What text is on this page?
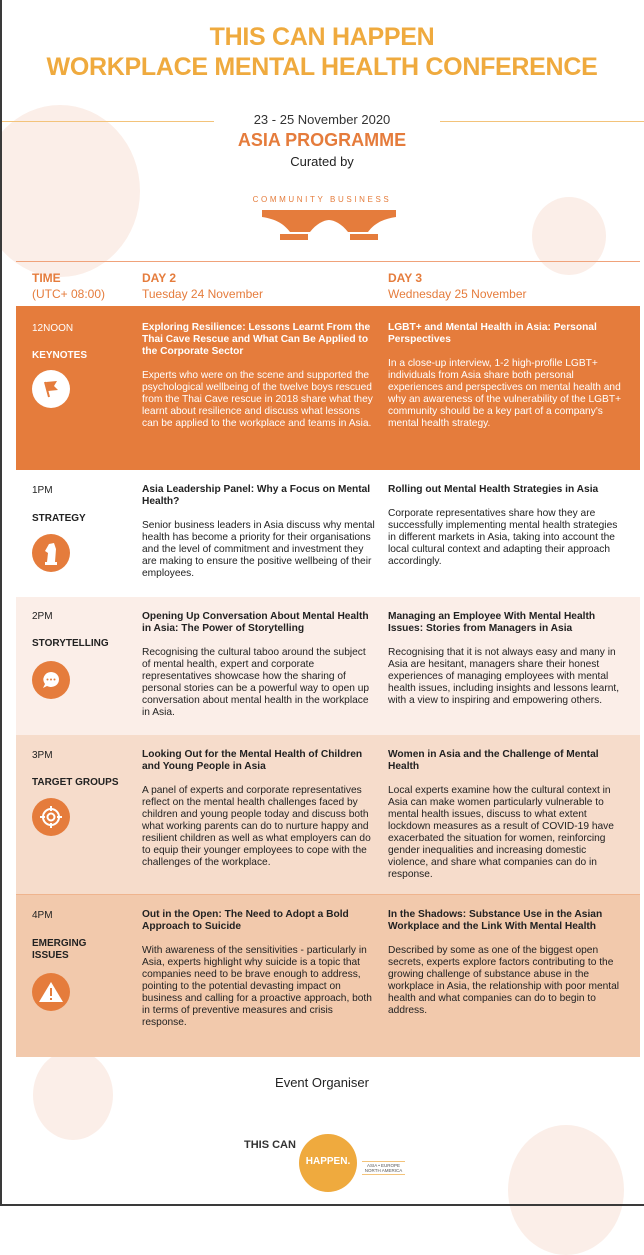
THIS CAN HAPPEN
WORKPLACE MENTAL HEALTH CONFERENCE
23 - 25 November 2020
ASIA PROGRAMME
Curated by
COMMUNITY BUSINESS
TIME
(UTC+ 08:00)
DAY 2
Tuesday 24 November
DAY 3
Wednesday 25 November
12NOON
KEYNOTES
Exploring Resilience: Lessons Learnt From the Thai Cave Rescue and What Can Be Applied to the Corporate Sector
Experts who were on the scene and supported the psychological wellbeing of the twelve boys rescued from the Thai Cave rescue in 2018 share what they learnt about resilience and discuss what lessons can be applied to the workplace and teams in Asia.
LGBT+ and Mental Health in Asia: Personal Perspectives
In a close-up interview, 1-2 high-profile LGBT+ individuals from Asia share both personal experiences and perspectives on mental health and why an awareness of the vulnerability of the LGBT+ community should be a key part of a company's mental health strategy.
1PM
STRATEGY
Asia Leadership Panel: Why a Focus on Mental Health?
Senior business leaders in Asia discuss why mental health has become a priority for their organisations and the level of commitment and investment they are making to ensure the positive wellbeing of their employees.
Rolling out Mental Health Strategies in Asia
Corporate representatives share how they are successfully implementing mental health strategies in different markets in Asia, taking into account the local cultural context and adapting their approach accordingly.
2PM
STORYTELLING
Opening Up Conversation About Mental Health in Asia: The Power of Storytelling
Recognising the cultural taboo around the subject of mental health, expert and corporate representatives showcase how the sharing of personal stories can be a powerful way to open up conversation about mental health in the workplace in Asia.
Managing an Employee With Mental Health Issues: Stories from Managers in Asia
Recognising that it is not always easy and many in Asia are hesitant, managers share their honest experiences of managing employees with mental health issues, including insights and lessons learnt, with a view to inspiring and empowering others.
3PM
TARGET GROUPS
Looking Out for the Mental Health of Children and Young People in Asia
A panel of experts and corporate representatives reflect on the mental health challenges faced by children and young people today and discuss both what working parents can do to nurture happy and resilient children as well as what employers can do to equip their younger employees to cope with the challenges of the workplace.
Women in Asia and the Challenge of Mental Health
Local experts examine how the cultural context in Asia can make women particularly vulnerable to mental health issues, discuss to what extent lockdown measures as a result of COVID-19 have exacerbated the situation for women, reinforcing gender inequalities and increasing domestic violence, and share what companies can do in response.
4PM
EMERGING ISSUES
Out in the Open: The Need to Adopt a Bold Approach to Suicide
With awareness of the sensitivities - particularly in Asia, experts highlight why suicide is a topic that companies need to be brave enough to address, pointing to the potential devasting impact on business and calling for a proactive approach, both in terms of preventive measures and crisis response.
In the Shadows: Substance Use in the Asian Workplace and the Link With Mental Health
Described by some as one of the biggest open secrets, experts explore factors contributing to the growing challenge of substance abuse in the workplace in Asia, the relationship with poor mental health and what companies can do to begin to address.
Event Organiser
THIS CAN
HAPPEN.	ASIA • EUROPE
NORTH AMERICA
